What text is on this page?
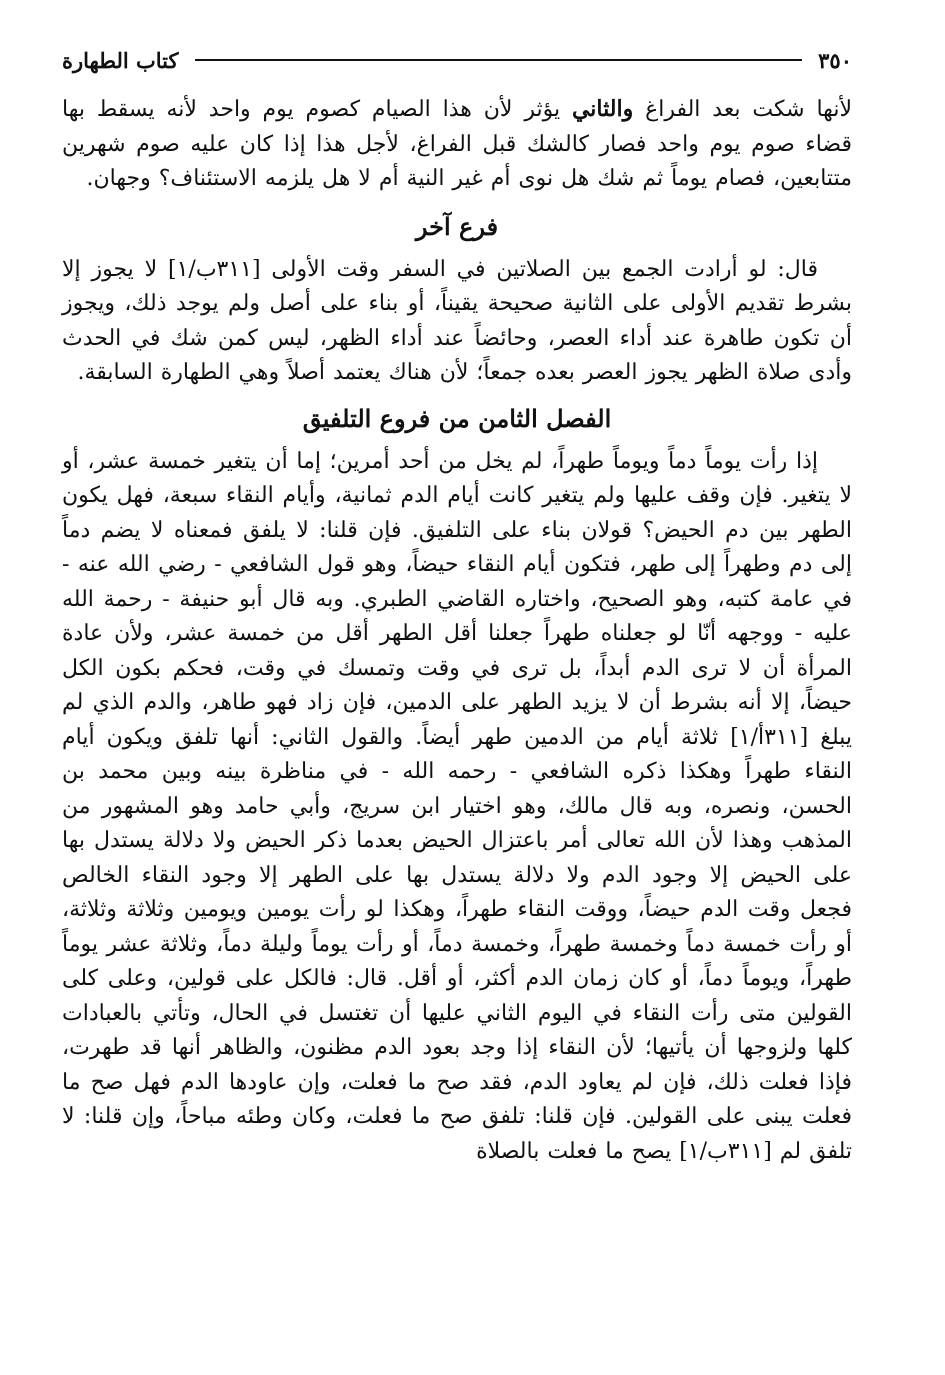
٣٥٠
كتاب الطهارة

لأنها شكت بعد الفراغ والثاني يؤثر لأن هذا الصيام كصوم يوم واحد لأنه يسقط بها قضاء صوم يوم واحد فصار كالشك قبل الفراغ، لأجل هذا إذا كان عليه صوم شهرين متتابعين، فصام يوماً ثم شك هل نوى أم غير النية أم لا هل يلزمه الاستئناف؟ وجهان.

فرع آخر

قال: لو أرادت الجمع بين الصلاتين في السفر وقت الأولى [٣١١ب/١] لا يجوز إلا بشرط تقديم الأولى على الثانية صحيحة يقيناً، أو بناء على أصل ولم يوجد ذلك، ويجوز أن تكون طاهرة عند أداء العصر، وحائضاً عند أداء الظهر، ليس كمن شك في الحدث وأدى صلاة الظهر يجوز العصر بعده جمعاً؛ لأن هناك يعتمد أصلاً وهي الطهارة السابقة.

الفصل الثامن من فروع التلفيق

إذا رأت يوماً دماً ويوماً طهراً، لم يخل من أحد أمرين؛ إما أن يتغير خمسة عشر، أو لا يتغير. فإن وقف عليها ولم يتغير كانت أيام الدم ثمانية، وأيام النقاء سبعة، فهل يكون الطهر بين دم الحيض؟ قولان بناء على التلفيق. فإن قلنا: لا يلفق فمعناه لا يضم دماً إلى دم وطهراً إلى طهر، فتكون أيام النقاء حيضاً، وهو قول الشافعي - رضي الله عنه - في عامة كتبه، وهو الصحيح، واختاره القاضي الطبري. وبه قال أبو حنيفة - رحمة الله عليه - ووجهه أنّا لو جعلناه طهراً جعلنا أقل الطهر أقل من خمسة عشر، ولأن عادة المرأة أن لا ترى الدم أبداً، بل ترى في وقت وتمسك في وقت، فحكم بكون الكل حيضاً، إلا أنه بشرط أن لا يزيد الطهر على الدمين، فإن زاد فهو طاهر، والدم الذي لم يبلغ [٣١١أ/١] ثلاثة أيام من الدمين طهر أيضاً. والقول الثاني: أنها تلفق ويكون أيام النقاء طهراً وهكذا ذكره الشافعي - رحمه الله - في مناظرة بينه وبين محمد بن الحسن، ونصره، وبه قال مالك، وهو اختيار ابن سريج، وأبي حامد وهو المشهور من المذهب وهذا لأن الله تعالى أمر باعتزال الحيض بعدما ذكر الحيض ولا دلالة يستدل بها على الحيض إلا وجود الدم ولا دلالة يستدل بها على الطهر إلا وجود النقاء الخالص فجعل وقت الدم حيضاً، ووقت النقاء طهراً، وهكذا لو رأت يومين ويومين وثلاثة وثلاثة، أو رأت خمسة دماً وخمسة طهراً، وخمسة دماً، أو رأت يوماً وليلة دماً، وثلاثة عشر يوماً طهراً، ويوماً دماً، أو كان زمان الدم أكثر، أو أقل. قال: فالكل على قولين، وعلى كلى القولين متى رأت النقاء في اليوم الثاني عليها أن تغتسل في الحال، وتأتي بالعبادات كلها ولزوجها أن يأتيها؛ لأن النقاء إذا وجد بعود الدم مظنون، والظاهر أنها قد طهرت، فإذا فعلت ذلك، فإن لم يعاود الدم، فقد صح ما فعلت، وإن عاودها الدم فهل صح ما فعلت يبنى على القولين. فإن قلنا: تلفق صح ما فعلت، وكان وطئه مباحاً، وإن قلنا: لا تلفق لم [٣١١ب/١] يصح ما فعلت بالصلاة
